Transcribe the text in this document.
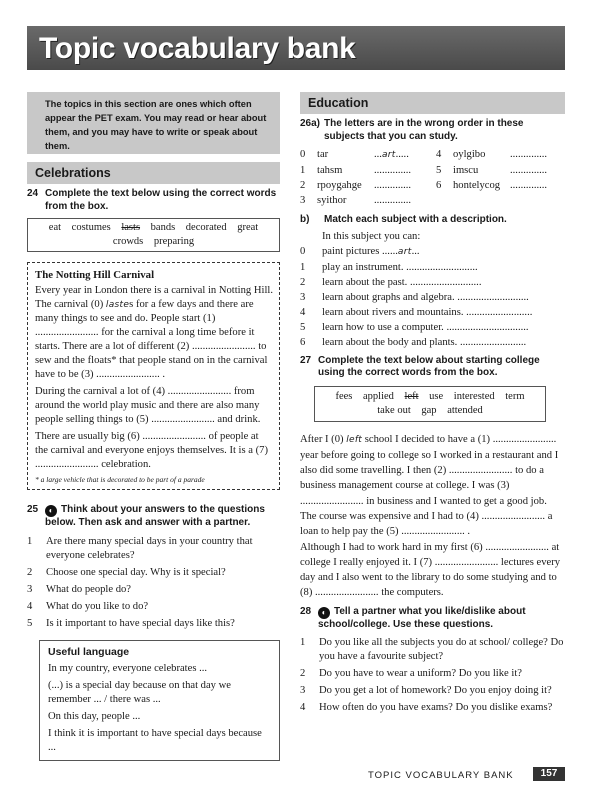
Topic vocabulary bank
The topics in this section are ones which often appear the PET exam. You may read or hear about them, and you may have to write or speak about them.
Celebrations
24 Complete the text below using the correct words from the box.
eat costumes lasts bands decorated great crowds preparing
The Notting Hill Carnival

Every year in London there is a carnival in Notting Hill. The carnival (0) lastes for a few days and there are many things to see and do. People start (1) ........................ for the carnival a long time before it starts. There are a lot of different (2) ........................ to sew and the floats* that people stand on in the carnival have to be (3) ........................ .

During the carnival a lot of (4) ........................ from around the world play music and there are also many people selling things to (5) ........................ and drink.

There are usually big (6) ........................ of people at the carnival and everyone enjoys themselves. It is a (7) ........................ celebration.

* a large vehicle that is decorated to be part of a parade
25	◐ Think about your answers to the questions below. Then ask and answer with a partner.
1	Are there many special days in your country that everyone celebrates?
2	Choose one special day. Why is it special?
3	What do people do?
4	What do you like to do?
5	Is it important to have special days like this?
Useful language
In my country, everyone celebrates ...
(...) is a special day because on that day we remember ... / there was ...
On this day, people ...
I think it is important to have special days because ...
Education
26a) The letters are in the wrong order in these subjects that you can study.
0	tar	...art.....	4	oylgibo	..............
1	tahsm	..............	5	imscu	..............
2	rpoygahge	..............	6	hontelycog ..............
3	syithor	..............
b)	Match each subject with a description.
In this subject you can:
0	paint pictures ......art...
1	play an instrument. ...........................
2	learn about the past. ...........................
3	learn about graphs and algebra. ...........................
4	learn about rivers and mountains. .........................
5	learn how to use a computer. ...............................
6	learn about the body and plants. .........................
27 Complete the text below about starting college using the correct words from the box.
fees applied left use interested term take out gap attended
After I (0) left school I decided to have a (1) ........................ year before going to college so I worked in a restaurant and I also did some travelling. I then (2) ........................ to do a business management course at college. I was (3) ........................ in business and I wanted to get a good job. The course was expensive and I had to (4) ........................ a loan to help pay the (5) ........................ .
Although I had to work hard in my first (6) ........................ at college I really enjoyed it. I (7) ........................ lectures every day and I also went to the library to do some studying and to (8) ........................ the computers.
28	◐ Tell a partner what you like/dislike about school/college. Use these questions.
1	Do you like all the subjects you do at school/ college? Do you have a favourite subject?
2	Do you have to wear a uniform? Do you like it?
3	Do you get a lot of homework? Do you enjoy doing it?
4	How often do you have exams? Do you dislike exams?
TOPIC VOCABULARY BANK	157
